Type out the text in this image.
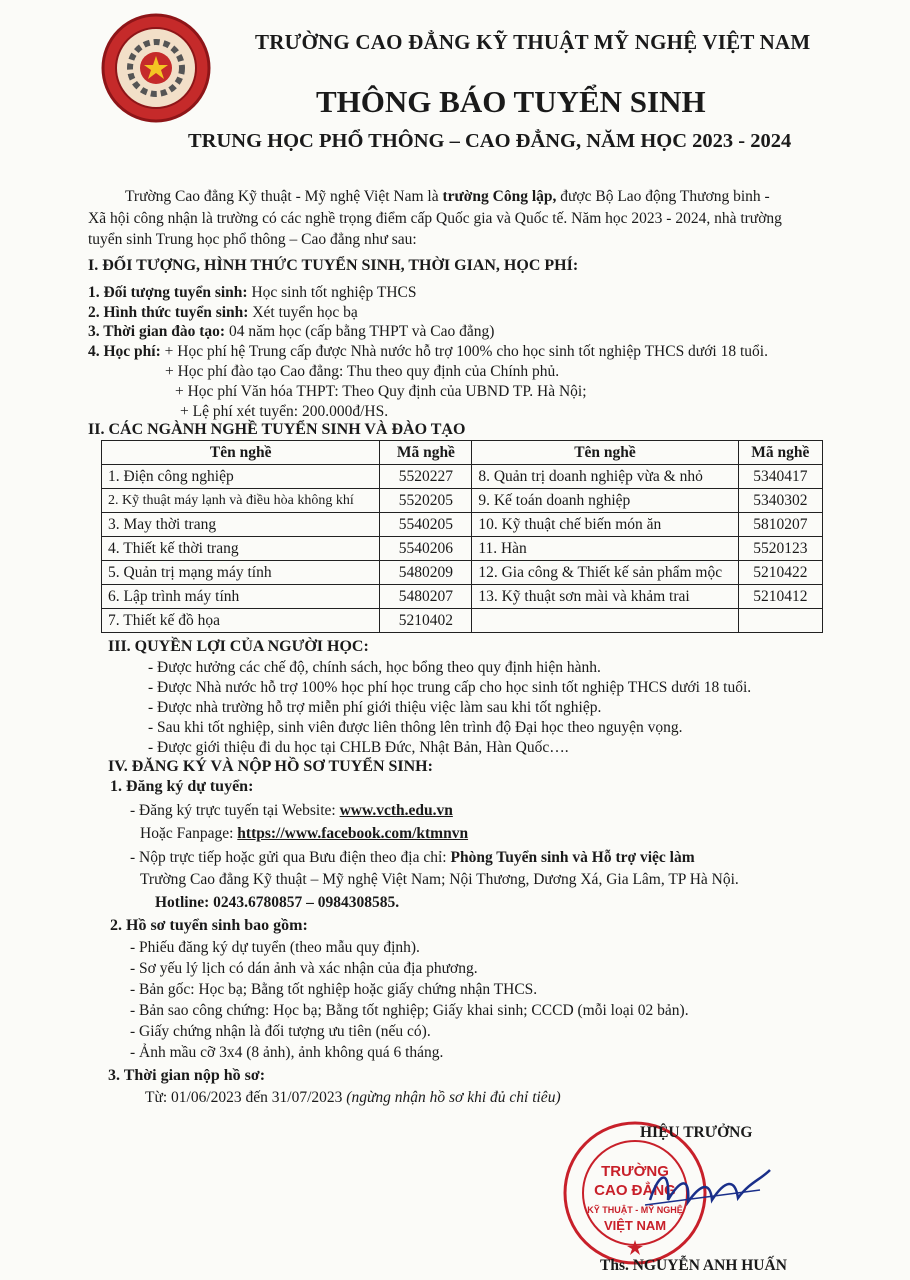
TRƯỜNG CAO ĐẲNG KỸ THUẬT MỸ NGHỆ VIỆT NAM
THÔNG BÁO TUYỂN SINH
TRUNG HỌC PHỔ THÔNG – CAO ĐẲNG, NĂM HỌC 2023 - 2024
Trường Cao đẳng Kỹ thuật - Mỹ nghệ Việt Nam là trường Công lập, được Bộ Lao động Thương binh -
Xã hội công nhận là trường có các nghề trọng điểm cấp Quốc gia và Quốc tế. Năm học 2023 - 2024, nhà trường
tuyển sinh Trung học phổ thông – Cao đẳng như sau:
I. ĐỐI TƯỢNG, HÌNH THỨC TUYỂN SINH, THỜI GIAN, HỌC PHÍ:
1. Đối tượng tuyển sinh: Học sinh tốt nghiệp THCS
2. Hình thức tuyển sinh: Xét tuyển học bạ
3. Thời gian đào tạo: 04 năm học (cấp bằng THPT và Cao đẳng)
4. Học phí: + Học phí hệ Trung cấp được Nhà nước hỗ trợ 100% cho học sinh tốt nghiệp THCS dưới 18 tuổi.
+ Học phí đào tạo Cao đẳng: Thu theo quy định của Chính phủ.
+ Học phí Văn hóa THPT: Theo Quy định của UBND TP. Hà Nội;
+ Lệ phí xét tuyển: 200.000đ/HS.
II. CÁC NGÀNH NGHỀ TUYỂN SINH VÀ ĐÀO TẠO
Tên nghề	Mã nghề	Tên nghề	Mã nghề
1. Điện công nghiệp	5520227	8. Quản trị doanh nghiệp vừa & nhỏ	5340417
2. Kỹ thuật máy lạnh và điều hòa không khí	5520205	9. Kế toán doanh nghiệp	5340302
3. May thời trang	5540205	10. Kỹ thuật chế biến món ăn	5810207
4. Thiết kế thời trang	5540206	11. Hàn	5520123
5. Quản trị mạng máy tính	5480209	12. Gia công & Thiết kế sản phẩm mộc	5210422
6. Lập trình máy tính	5480207	13. Kỹ thuật sơn mài và khảm trai	5210412
7. Thiết kế đồ họa	5210402		
III. QUYỀN LỢI CỦA NGƯỜI HỌC:
- Được hưởng các chế độ, chính sách, học bổng theo quy định hiện hành.
- Được Nhà nước hỗ trợ 100% học phí học trung cấp cho học sinh tốt nghiệp THCS dưới 18 tuổi.
- Được nhà trường hỗ trợ miễn phí giới thiệu việc làm sau khi tốt nghiệp.
- Sau khi tốt nghiệp, sinh viên được liên thông lên trình độ Đại học theo nguyện vọng.
- Được giới thiệu đi du học tại CHLB Đức, Nhật Bản, Hàn Quốc….
IV. ĐĂNG KÝ VÀ NỘP HỒ SƠ TUYỂN SINH:
1. Đăng ký dự tuyển:
- Đăng ký trực tuyến tại Website: www.vcth.edu.vn
Hoặc Fanpage: https://www.facebook.com/ktmnvn
- Nộp trực tiếp hoặc gửi qua Bưu điện theo địa chỉ: Phòng Tuyển sinh và Hỗ trợ việc làm
Trường Cao đẳng Kỹ thuật – Mỹ nghệ Việt Nam; Nội Thương, Dương Xá, Gia Lâm, TP Hà Nội.
Hotline: 0243.6780857 – 0984308585.
2. Hồ sơ tuyển sinh bao gồm:
- Phiếu đăng ký dự tuyển (theo mẫu quy định).
- Sơ yếu lý lịch có dán ảnh và xác nhận của địa phương.
- Bản gốc: Học bạ; Bằng tốt nghiệp hoặc giấy chứng nhận THCS.
- Bản sao công chứng: Học bạ; Bằng tốt nghiệp; Giấy khai sinh; CCCD (mỗi loại 02 bản).
- Giấy chứng nhận là đối tượng ưu tiên (nếu có).
- Ảnh mầu cỡ 3x4 (8 ảnh), ảnh không quá 6 tháng.
3. Thời gian nộp hồ sơ:
Từ: 01/06/2023 đến 31/07/2023 (ngừng nhận hồ sơ khi đủ chỉ tiêu)
TRƯỜNG
CAO ĐẲNG
KỸ THUẬT - MỸ NGHỆ
VIỆT NAM
HIỆU TRƯỞNG
Ths. NGUYỄN ANH HUẤN
